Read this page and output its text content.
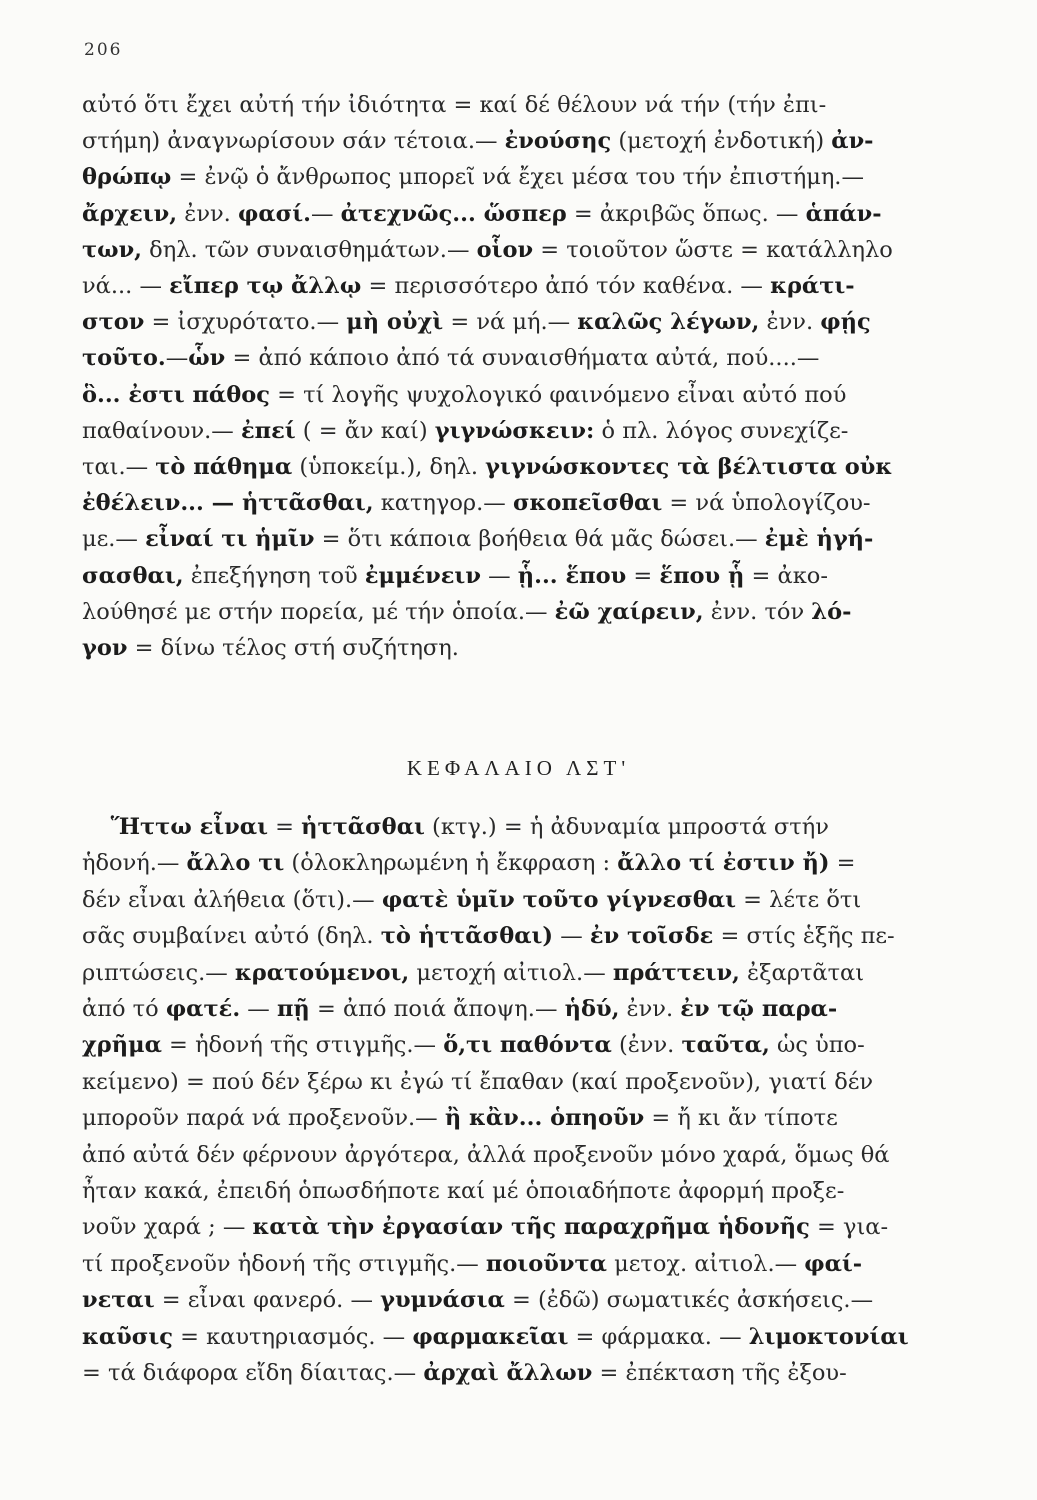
206
αὐτό ὅτι ἔχει αὐτή τήν ἰδιότητα = καί δέ θέλουν νά τήν (τήν ἐπι-
στήμη) ἀναγνωρίσουν σάν τέτοια.— ἐνούσης (μετοχή ἐνδοτική) ἀν-
θρώπῳ = ἐνῷ ὁ ἄνθρωπος μπορεῖ νά ἔχει μέσα του τήν ἐπιστήμη.—
ἄρχειν, ἐνν. φασί.— ἀτεχνῶς... ὥσπερ = ἀκριβῶς ὅπως. — ἁπάν-
των, δηλ. τῶν συναισθημάτων.— οἷον = τοιοῦτον ὥστε = κατάλληλο
νά... — εἴπερ τῳ ἄλλῳ = περισσότερο ἀπό τόν καθένα. — κράτι-
στον = ἰσχυρότατο.— μὴ οὐχὶ = νά μή.— καλῶς λέγων, ἐνν. φῄς
τοῦτο.—ὧν = ἀπό κάποιο ἀπό τά συναισθήματα αὐτά, πού....—
ὃ... ἐστι πάθος = τί λογῆς ψυχολογικό φαινόμενο εἶναι αὐτό πού
παθαίνουν.— ἐπεί ( = ἄν καί) γιγνώσκειν: ὁ πλ. λόγος συνεχίζε-
ται.— τὸ πάθημα (ὑποκείμ.), δηλ. γιγνώσκοντες τὰ βέλτιστα οὐκ
ἐθέλειν... — ἡττᾶσθαι, κατηγορ.— σκοπεῖσθαι = νά ὑπολογίζου-
με.— εἶναί τι ἡμῖν = ὅτι κάποια βοήθεια θά μᾶς δώσει.— ἐμὲ ἡγή-
σασθαι, ἐπεξήγηση τοῦ ἐμμένειν — ᾗ... ἕπου = ἕπου ᾗ = ἀκο-
λούθησέ με στήν πορεία, μέ τήν ὁποία.— ἐῶ χαίρειν, ἐνν. τόν λό-
γον = δίνω τέλος στή συζήτηση.
ΚΕΦΑΛΑΙΟ ΛΣΤ'
Ἥττω εἶναι = ἡττᾶσθαι (κτγ.) = ἡ ἀδυναμία μπροστά στήν
ἡδονή.— ἄλλο τι (ὁλοκληρωμένη ἡ ἔκφραση : ἄλλο τί ἐστιν ἤ) =
δέν εἶναι ἀλήθεια (ὅτι).— φατὲ ὑμῖν τοῦτο γίγνεσθαι = λέτε ὅτι
σᾶς συμβαίνει αὐτό (δηλ. τὸ ἡττᾶσθαι) — ἐν τοῖσδε = στίς ἑξῆς πε-
ριπτώσεις.— κρατούμενοι, μετοχή αἰτιολ.— πράττειν, ἐξαρτᾶται
ἀπό τό φατέ. — πῇ = ἀπό ποιά ἄποψη.— ἡδύ, ἐνν. ἐν τῷ παρα-
χρῆμα = ἡδονή τῆς στιγμῆς.— ὅ,τι παθόντα (ἐνν. ταῦτα, ὡς ὑπο-
κείμενο) = πού δέν ξέρω κι ἐγώ τί ἔπαθαν (καί προξενοῦν), γιατί δέν
μποροῦν παρά νά προξενοῦν.— ἢ κἂν... ὁπηοῦν = ἤ κι ἄν τίποτε
ἀπό αὐτά δέν φέρνουν ἀργότερα, ἀλλά προξενοῦν μόνο χαρά, ὅμως θά
ἦταν κακά, ἐπειδή ὁπωσδήποτε καί μέ ὁποιαδήποτε ἀφορμή προξε-
νοῦν χαρά ; — κατὰ τὴν ἐργασίαν τῆς παραχρῆμα ἡδονῆς = για-
τί προξενοῦν ἡδονή τῆς στιγμῆς.— ποιοῦντα μετοχ. αἰτιολ.— φαί-
νεται = εἶναι φανερό. — γυμνάσια = (ἐδῶ) σωματικές ἀσκήσεις.—
καῦσις = καυτηριασμός. — φαρμακεῖαι = φάρμακα. — λιμοκτονίαι
= τά διάφορα εἴδη δίαιτας.— ἀρχαὶ ἄλλων = ἐπέκταση τῆς ἐξου-
